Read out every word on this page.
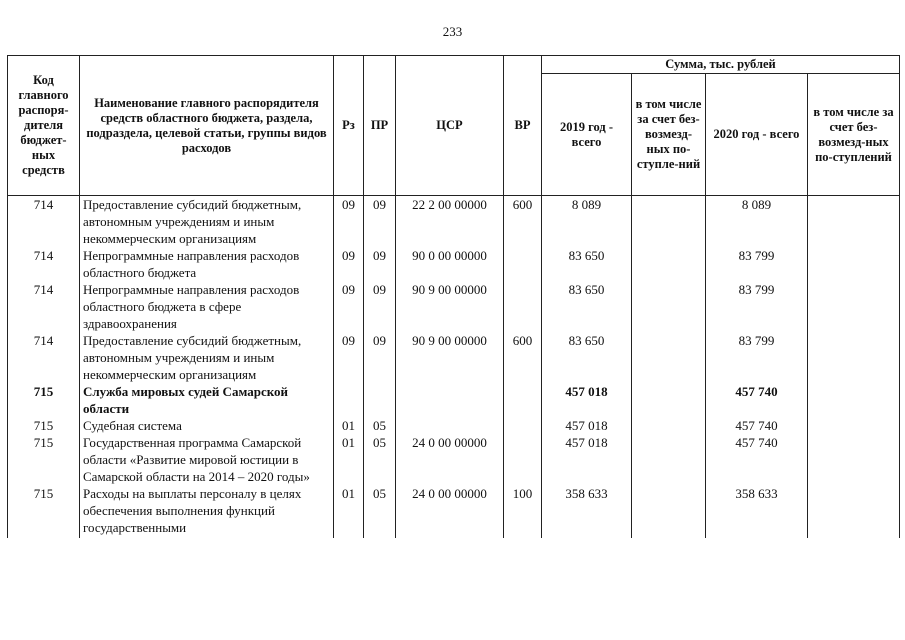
233
Код главного распоря-дителя бюджет-ных средств	Наименование главного распорядителя средств областного бюджета, раздела, подраздела, целевой статьи, группы видов расходов	Рз	ПР	ЦСР	ВР	Сумма, тыс. рублей			
						2019 год - всего	в том числе за счет без-возмезд-ных по-ступле-ний	2020 год - всего	в том числе за счет без-возмезд-ных по-ступлений
714	Предоставление субсидий бюджетным, автономным учреждениям и иным некоммерческим организациям	09	09	22 2 00 00000	600	8 089		8 089	
714	Непрограммные направления расходов областного бюджета	09	09	90 0 00 00000		83 650		83 799	
714	Непрограммные направления расходов областного бюджета в сфере здравоохранения	09	09	90 9 00 00000		83 650		83 799	
714	Предоставление субсидий бюджетным, автономным учреждениям и иным некоммерческим организациям	09	09	90 9 00 00000	600	83 650		83 799	
715	Служба мировых судей Самарской области					457 018		457 740	
715	Судебная система	01	05			457 018		457 740	
715	Государственная программа Самарской области «Развитие мировой юстиции в Самарской области на 2014 – 2020 годы»	01	05	24 0 00 00000		457 018		457 740	
715	Расходы на выплаты персоналу в целях обеспечения выполнения функций государственными	01	05	24 0 00 00000	100	358 633		358 633	
